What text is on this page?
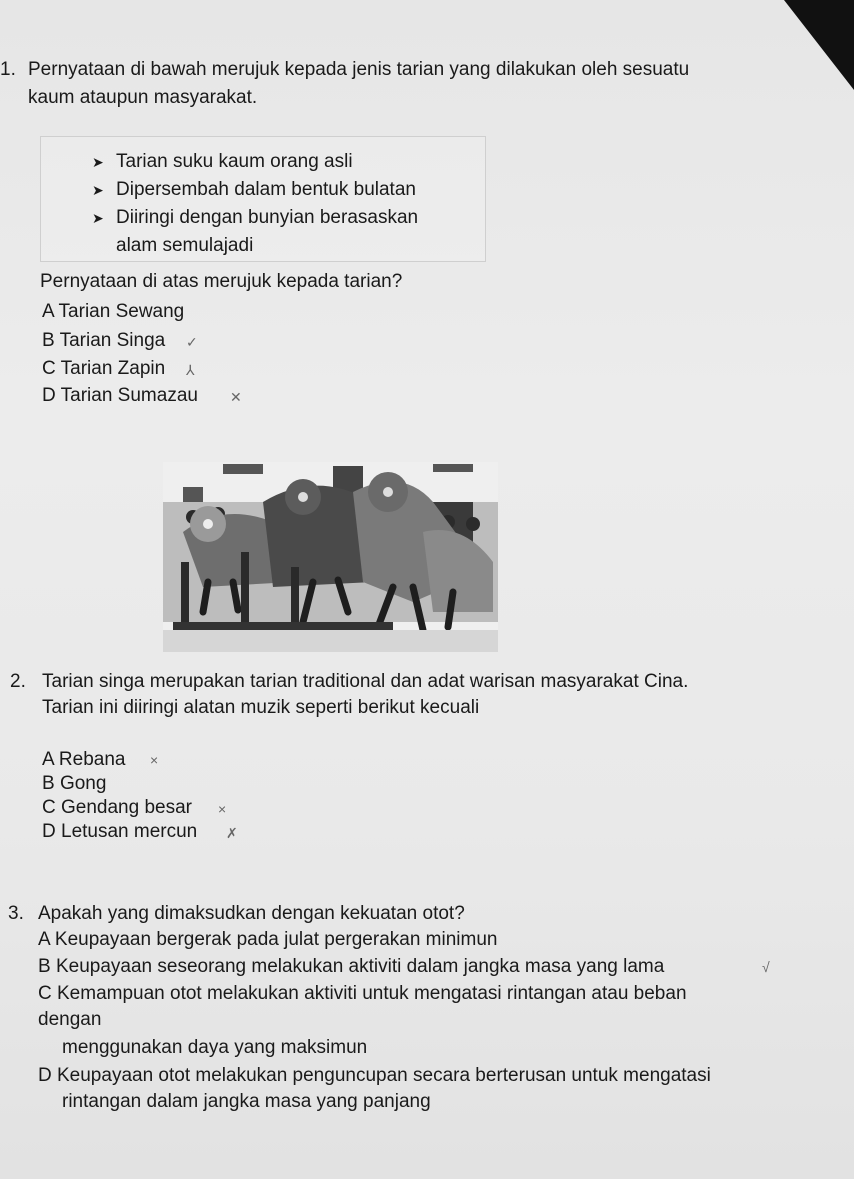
1. Pernyataan di bawah merujuk kepada jenis tarian yang dilakukan oleh sesuatu
kaum ataupun masyarakat.
➤ Tarian suku kaum orang asli
➤ Dipersembah dalam bentuk bulatan
➤ Diiringi dengan bunyian berasaskan
alam semulajadi
Pernyataan di atas merujuk kepada tarian?
A Tarian Sewang
B Tarian Singa ✓
C Tarian Zapin ⅄
D Tarian Sumazau ✕
2. Tarian singa merupakan tarian traditional dan adat warisan masyarakat Cina.
Tarian ini diiringi alatan muzik seperti berikut kecuali
A Rebana ×
B Gong
C Gendang besar ×
D Letusan mercun ✗
3. Apakah yang dimaksudkan dengan kekuatan otot?
A Keupayaan bergerak pada julat pergerakan minimun
B Keupayaan seseorang melakukan aktiviti dalam jangka masa yang lama	√
C Kemampuan otot melakukan aktiviti untuk mengatasi rintangan atau beban
dengan
menggunakan daya yang maksimun
D Keupayaan otot melakukan penguncupan secara berterusan untuk mengatasi
rintangan dalam jangka masa yang panjang
